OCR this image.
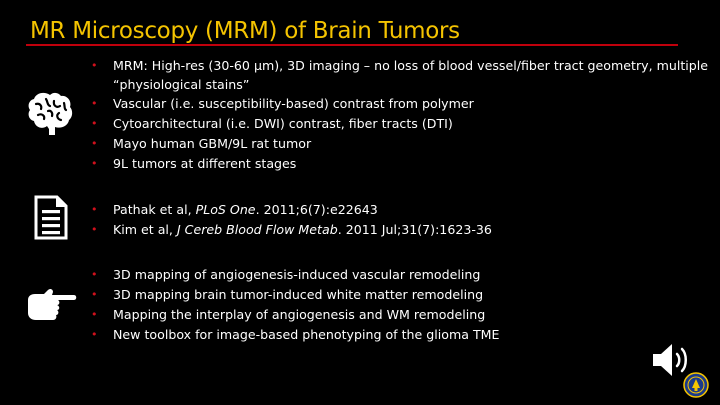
MR Microscopy (MRM) of Brain Tumors
• MRM: High-res (30-60 µm), 3D imaging – no loss of blood vessel/fiber tract geometry, multiple “physiological stains”
• Vascular (i.e. susceptibility-based) contrast from polymer
• Cytoarchitectural (i.e. DWI) contrast, fiber tracts (DTI)
• Mayo human GBM/9L rat tumor
• 9L tumors at different stages
• Pathak et al, PLoS One. 2011;6(7):e22643
• Kim et al, J Cereb Blood Flow Metab. 2011 Jul;31(7):1623-36
• 3D mapping of angiogenesis-induced vascular remodeling
• 3D mapping brain tumor-induced white matter remodeling
• Mapping the interplay of angiogenesis and WM remodeling
• New toolbox for image-based phenotyping of the glioma TME
